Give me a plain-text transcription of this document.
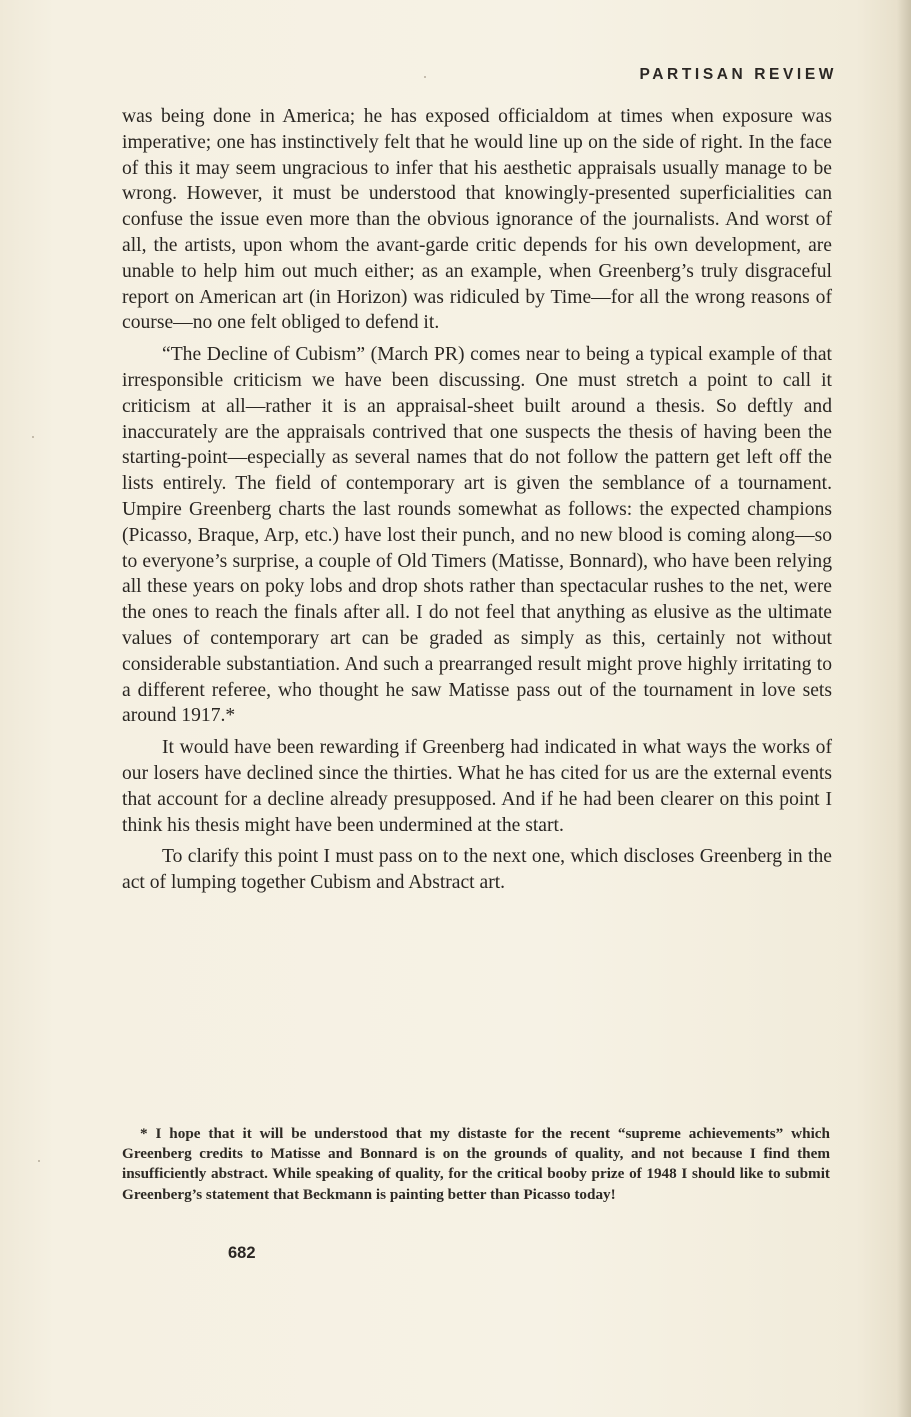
PARTISAN REVIEW

was being done in America; he has exposed officialdom at times when exposure was imperative; one has instinctively felt that he would line up on the side of right. In the face of this it may seem ungracious to infer that his aesthetic appraisals usually manage to be wrong. However, it must be understood that knowingly-presented superficialities can confuse the issue even more than the obvious ignorance of the journalists. And worst of all, the artists, upon whom the avant-garde critic depends for his own development, are unable to help him out much either; as an example, when Greenberg’s truly disgraceful report on American art (in Horizon) was ridiculed by Time—for all the wrong reasons of course—no one felt obliged to defend it.

“The Decline of Cubism” (March PR) comes near to being a typical example of that irresponsible criticism we have been discussing. One must stretch a point to call it criticism at all—rather it is an appraisal-sheet built around a thesis. So deftly and inaccurately are the appraisals contrived that one suspects the thesis of having been the starting-point—especially as several names that do not follow the pattern get left off the lists entirely. The field of contemporary art is given the semblance of a tournament. Umpire Greenberg charts the last rounds somewhat as follows: the expected champions (Picasso, Braque, Arp, etc.) have lost their punch, and no new blood is coming along—so to everyone’s surprise, a couple of Old Timers (Matisse, Bonnard), who have been relying all these years on poky lobs and drop shots rather than spectacular rushes to the net, were the ones to reach the finals after all. I do not feel that anything as elusive as the ultimate values of contemporary art can be graded as simply as this, certainly not without considerable substantiation. And such a prearranged result might prove highly irritating to a different referee, who thought he saw Matisse pass out of the tournament in love sets around 1917.*

It would have been rewarding if Greenberg had indicated in what ways the works of our losers have declined since the thirties. What he has cited for us are the external events that account for a decline already presupposed. And if he had been clearer on this point I think his thesis might have been undermined at the start.

To clarify this point I must pass on to the next one, which discloses Greenberg in the act of lumping together Cubism and Abstract art.

* I hope that it will be understood that my distaste for the recent “supreme achievements” which Greenberg credits to Matisse and Bonnard is on the grounds of quality, and not because I find them insufficiently abstract. While speaking of quality, for the critical booby prize of 1948 I should like to submit Greenberg’s statement that Beckmann is painting better than Picasso today!
682
